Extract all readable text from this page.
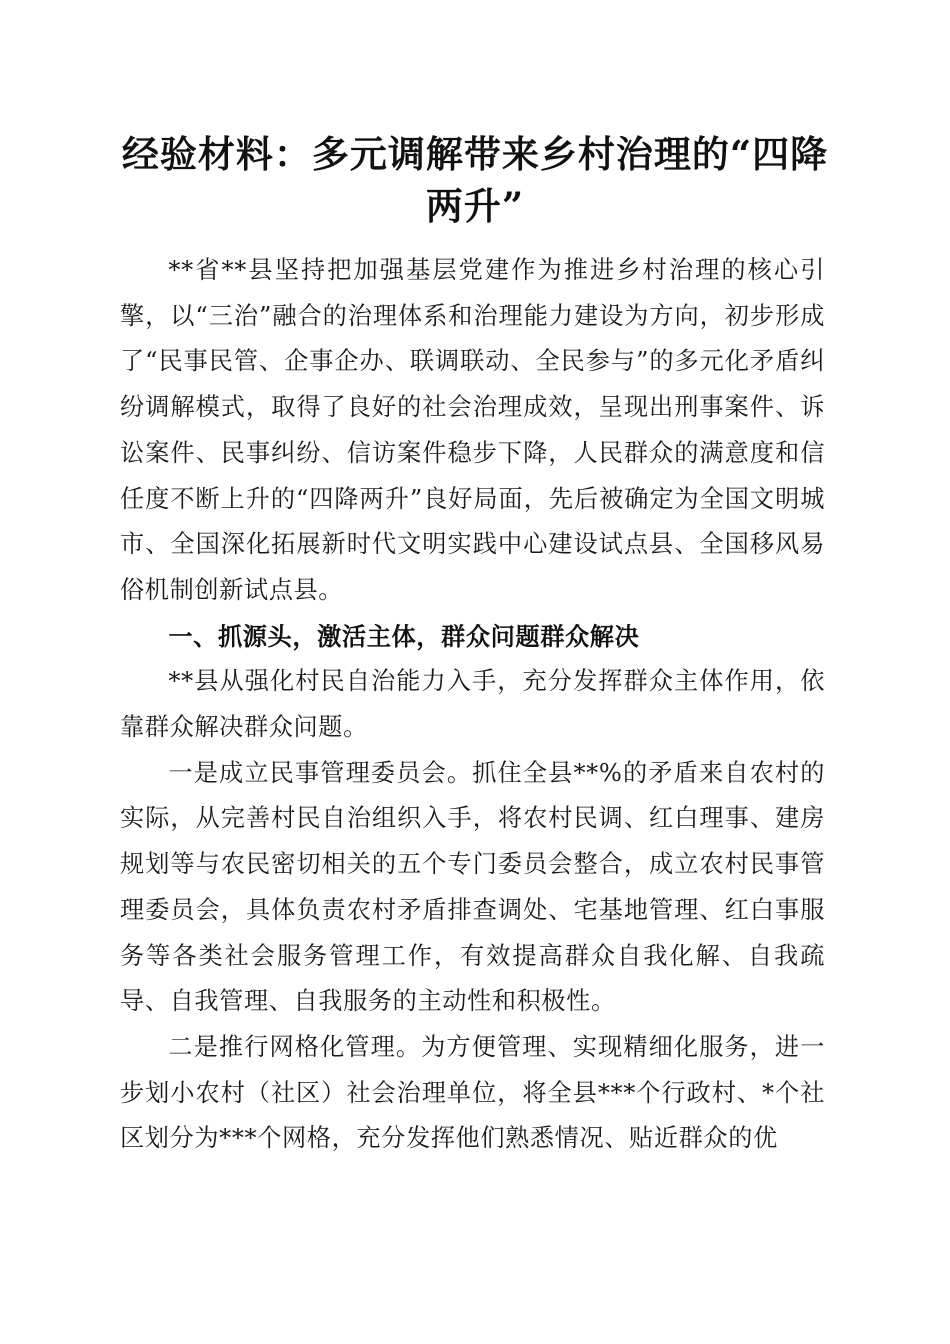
经验材料：多元调解带来乡村治理的“四降两升”

**省**县坚持把加强基层党建作为推进乡村治理的核心引擎，以“三治”融合的治理体系和治理能力建设为方向，初步形成了“民事民管、企事企办、联调联动、全民参与”的多元化矛盾纠纷调解模式，取得了良好的社会治理成效，呈现出刑事案件、诉讼案件、民事纠纷、信访案件稳步下降，人民群众的满意度和信任度不断上升的“四降两升”良好局面，先后被确定为全国文明城市、全国深化拓展新时代文明实践中心建设试点县、全国移风易俗机制创新试点县。

一、抓源头，激活主体，群众问题群众解决

**县从强化村民自治能力入手，充分发挥群众主体作用，依靠群众解决群众问题。

一是成立民事管理委员会。抓住全县**%的矛盾来自农村的实际，从完善村民自治组织入手，将农村民调、红白理事、建房规划等与农民密切相关的五个专门委员会整合，成立农村民事管理委员会，具体负责农村矛盾排查调处、宅基地管理、红白事服务等各类社会服务管理工作，有效提高群众自我化解、自我疏导、自我管理、自我服务的主动性和积极性。

二是推行网格化管理。为方便管理、实现精细化服务，进一步划小农村（社区）社会治理单位，将全县***个行政村、*个社区划分为***个网格，充分发挥他们熟悉情况、贴近群众的优
